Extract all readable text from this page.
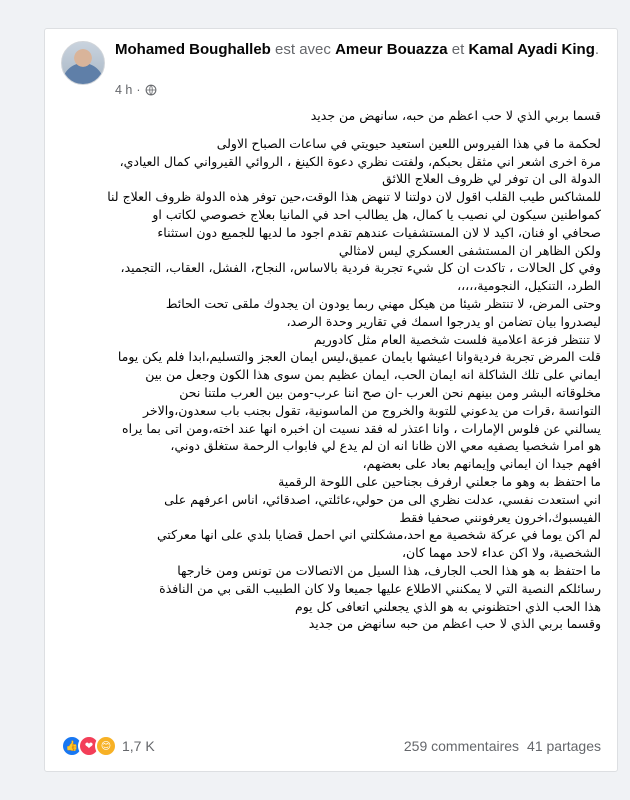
Mohamed Boughalleb est avec Ameur Bouazza et Kamal Ayadi King.
4 h ·

قسما بربي الذي لا حب اعظم من حبه، سانهض من جديد

لحكمة ما في هذا الفيروس اللعين استعيد حيويتي في ساعات الصباح الاولى

مرة اخرى اشعر اني مثقل بحبكم، ولفتت نظري دعوة الكينغ ، الروائي القيرواني كمال العيادي،

الدولة الى ان توفر لي ظروف العلاج اللائق

للمشاكس طيب القلب اقول لان دولتنا لا تنهض هذا الوقت،حين توفر هذه الدولة ظروف العلاج لنا

كمواطنين سيكون لي نصيب يا كمال، هل يطالب احد في المانيا بعلاج خصوصي لكاتب او

صحافي او فنان، اكيد لا لان المستشفيات عندهم تقدم اجود ما لديها للجميع دون استثناء

ولكن الظاهر ان المستشفى العسكري ليس لامثالي

وفي كل الحالات ، تاكدت ان كل شيء تجربة فردية بالاساس، النجاح، الفشل، العقاب، التجميد،

الطرد، التنكيل، النجومية،،،،،

وحتى المرض، لا تنتظر شيئا من هيكل مهني ربما يودون ان يجدوك ملقى تحت الحائط

ليصدروا بيان تضامن او يدرجوا اسمك في تقارير وحدة الرصد،

لا تنتظر فزعة اعلامية فلست شخصية العام مثل كادوريم

قلت المرض تجربة فرديةوانا اعيشها بايمان عميق،ليس ايمان العجز والتسليم،ابدا فلم يكن يوما

ايماني على تلك الشاكلة انه ايمان الحب، ايمان عظيم بمن سوى هذا الكون وجعل من بين

مخلوقاته البشر ومن بينهم نحن العرب -ان صح اننا عرب-ومن بين العرب ملتنا نحن

التوانسة ،قرات من يدعوني للتوبة والخروج من الماسونية، تقول بجنب باب سعدون،والاخر

يسالني عن فلوس الإمارات ، وانا اعتذر له فقد نسيت ان اخبره انها عند اخته،ومن اتى بما يراه

هو امرا شخصيا يصفيه معي الان ظانا انه ان لم يدع لي فابواب الرحمة ستغلق دوني،

افهم جيدا ان ايماني وإيمانهم بعاد على بعضهم،

ما احتفظ به وهو ما جعلني ارفرف بجناحين على اللوحة الرقمية

اني استعدت نفسي، عدلت نظري الى من حولي،عائلتي، اصدقائي، اناس اعرفهم على

الفيسبوك،اخرون يعرفونني صحفيا فقط

لم اكن يوما في عركة شخصية مع احد،مشكلتي اني احمل قضايا بلدي على انها معركتي

الشخصية، ولا اكن عداء لاحد مهما كان،

ما احتفظ به هو هذا الحب الجارف، هذا السيل من الاتصالات من تونس ومن خارجها

رسائلكم النصية التي لا يمكنني الاطلاع عليها جميعا ولا كان الطبيب القى بي من النافذة

هذا الحب الذي احتظنوني به هو الذي يجعلني اتعافى كل يوم

وقسما بربي الذي لا حب اعظم من حبه سانهض من جديد

👍 ❤ 😊 1,7 K	259 commentaires 41 partages
